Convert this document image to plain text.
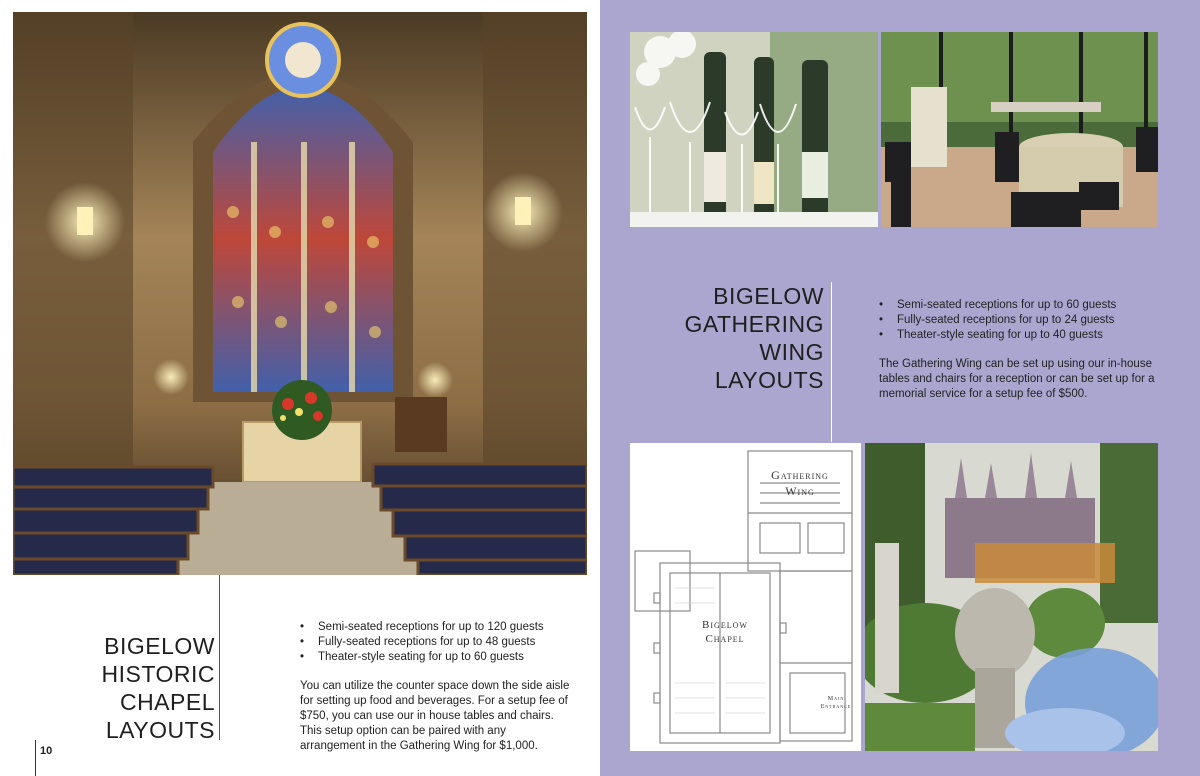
BIGELOW
HISTORIC
CHAPEL
LAYOUTS
• Semi-seated receptions for up to 120 guests
• Fully-seated receptions for up to 48 guests
• Theater-style seating for up to 60 guests

You can utilize the counter space down the side aisle for setting up food and beverages. For a setup fee of $750, you can use our in house tables and chairs. This setup option can be paired with any arrangement in the Gathering Wing for $1,000.

10
BIGELOW
GATHERING
WING
LAYOUTS
• Semi-seated receptions for up to 60 guests
• Fully-seated receptions for up to 24 guests
• Theater-style seating for up to 40 guests

The Gathering Wing can be set up using our in-house tables and chairs for a reception or can be set up for a memorial service for a setup fee of $500.

Gathering
Wing
Bigelow
Chapel
Main
Entrance
